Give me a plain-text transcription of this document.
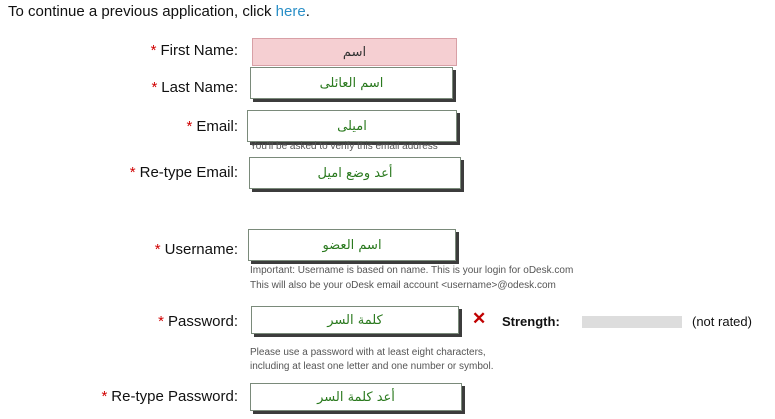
To continue a previous application, click here.
* First Name:	اسم
* Last Name:	اسم العائلى
* Email:	اميلى
You'll be asked to verify this email address
* Re-type Email:	أعد وضع اميل
* Username:	اسم العضو
Important: Username is based on name. This is your login for oDesk.com
This will also be your oDesk email account <username>@odesk.com
* Password:	كلمة السر	✕ Strength:	(not rated)
Please use a password with at least eight characters,
including at least one letter and one number or symbol.
* Re-type Password:	أعد كلمة السر
